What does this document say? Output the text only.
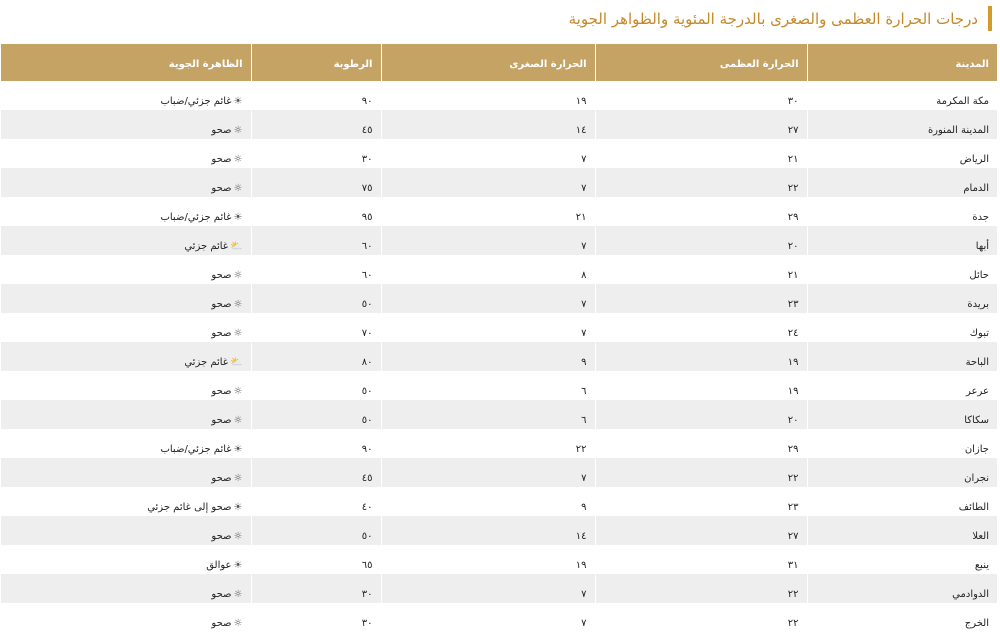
درجات الحرارة العظمى والصغرى بالدرجة المئوية والظواهر الجوية
المدينة	الحرارة العظمى	الحرارة الصغرى	الرطوبة	الظاهرة الجوية
مكة المكرمة	٣٠	١٩	٩٠	☀غائم جزئي/ضباب
المدينة المنورة	٢٧	١٤	٤٥	☼صحو
الرياض	٢١	٧	٣٠	☼صحو
الدمام	٢٢	٧	٧٥	☼صحو
جدة	٢٩	٢١	٩٥	☀غائم جزئي/ضباب
أبها	٢٠	٧	٦٠	⛅غائم جزئي
حائل	٢١	٨	٦٠	☼صحو
بريدة	٢٣	٧	٥٠	☼صحو
تبوك	٢٤	٧	٧٠	☼صحو
الباحة	١٩	٩	٨٠	⛅غائم جزئي
عرعر	١٩	٦	٥٠	☼صحو
سكاكا	٢٠	٦	٥٠	☼صحو
جازان	٢٩	٢٢	٩٠	☀غائم جزئي/ضباب
نجران	٢٢	٧	٤٥	☼صحو
الطائف	٢٣	٩	٤٠	☀صحو إلى غائم جزئي
العلا	٢٧	١٤	٥٠	☼صحو
ينبع	٣١	١٩	٦٥	☀عوالق
الدوادمي	٢٢	٧	٣٠	☼صحو
الخرج	٢٢	٧	٣٠	☼صحو
